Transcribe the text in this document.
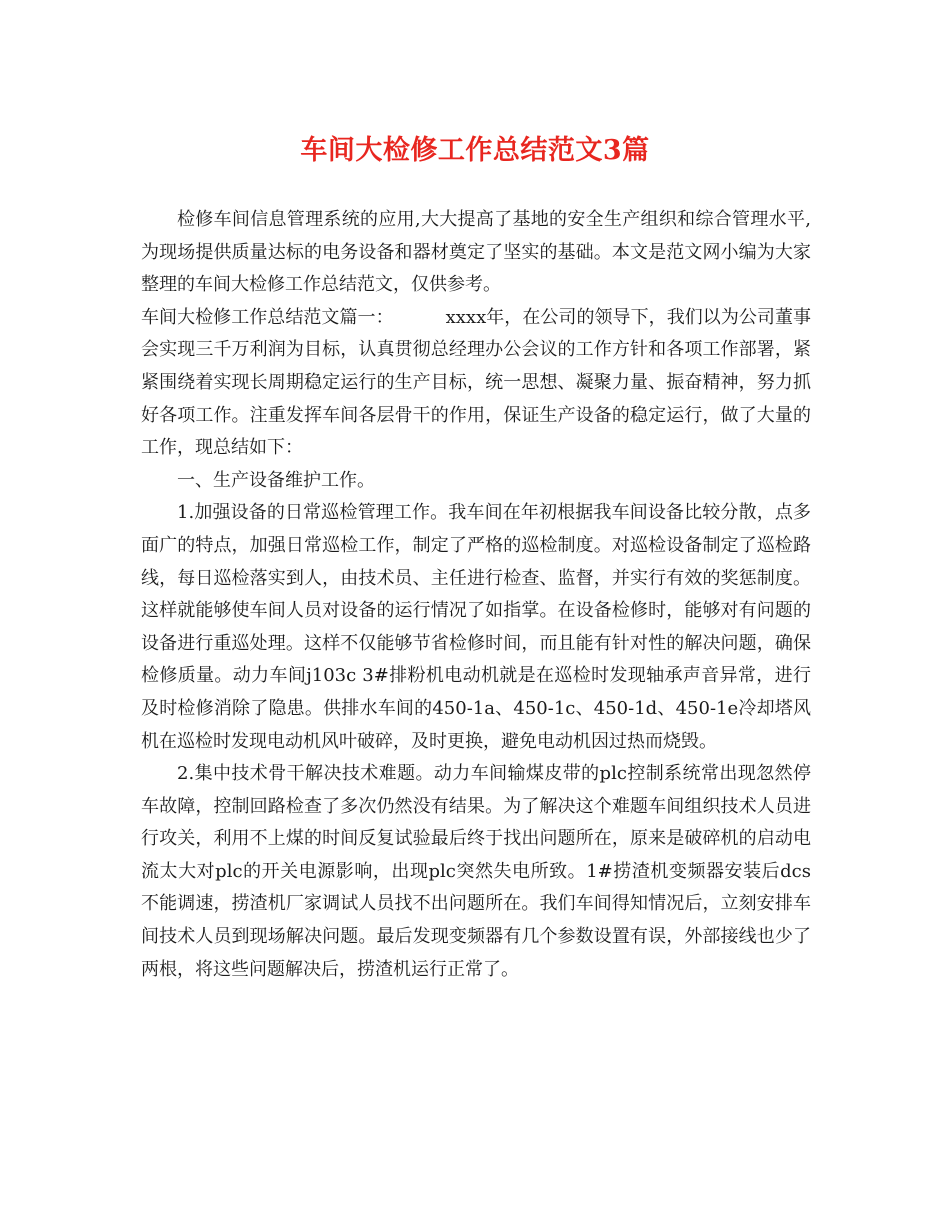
车间大检修工作总结范文3篇

检修车间信息管理系统的应用,大大提高了基地的安全生产组织和综合管理水平,为现场提供质量达标的电务设备和器材奠定了坚实的基础。本文是范文网小编为大家整理的车间大检修工作总结范文，仅供参考。

车间大检修工作总结范文篇一：	xxxx年，在公司的领导下，我们以为公司董事会实现三千万利润为目标，认真贯彻总经理办公会议的工作方针和各项工作部署，紧紧围绕着实现长周期稳定运行的生产目标，统一思想、凝聚力量、振奋精神，努力抓好各项工作。注重发挥车间各层骨干的作用，保证生产设备的稳定运行，做了大量的工作，现总结如下：

一、生产设备维护工作。

1.加强设备的日常巡检管理工作。我车间在年初根据我车间设备比较分散，点多面广的特点，加强日常巡检工作，制定了严格的巡检制度。对巡检设备制定了巡检路线，每日巡检落实到人，由技术员、主任进行检查、监督，并实行有效的奖惩制度。这样就能够使车间人员对设备的运行情况了如指掌。在设备检修时，能够对有问题的设备进行重巡处理。这样不仅能够节省检修时间，而且能有针对性的解决问题，确保检修质量。动力车间j103c 3#排粉机电动机就是在巡检时发现轴承声音异常，进行及时检修消除了隐患。供排水车间的450-1a、450-1c、450-1d、450-1e冷却塔风机在巡检时发现电动机风叶破碎，及时更换，避免电动机因过热而烧毁。

2.集中技术骨干解决技术难题。动力车间输煤皮带的plc控制系统常出现忽然停车故障，控制回路检查了多次仍然没有结果。为了解决这个难题车间组织技术人员进行攻关，利用不上煤的时间反复试验最后终于找出问题所在，原来是破碎机的启动电流太大对plc的开关电源影响，出现plc突然失电所致。1#捞渣机变频器安装后dcs不能调速，捞渣机厂家调试人员找不出问题所在。我们车间得知情况后，立刻安排车间技术人员到现场解决问题。最后发现变频器有几个参数设置有误，外部接线也少了两根，将这些问题解决后，捞渣机运行正常了。
